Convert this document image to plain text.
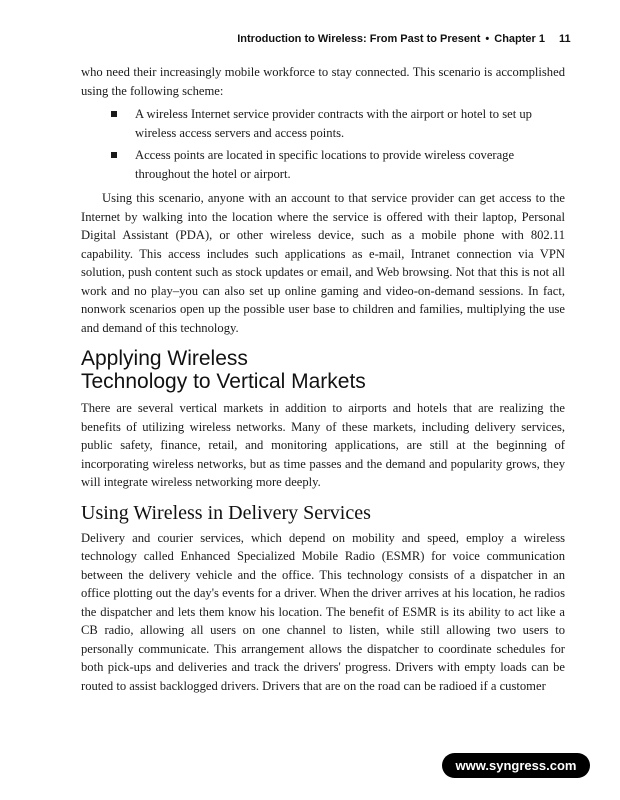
Introduction to Wireless: From Past to Present • Chapter 1 11

who need their increasingly mobile workforce to stay connected. This scenario is accomplished using the following scheme:

A wireless Internet service provider contracts with the airport or hotel to set up wireless access servers and access points.
Access points are located in specific locations to provide wireless coverage throughout the hotel or airport.

Using this scenario, anyone with an account to that service provider can get access to the Internet by walking into the location where the service is offered with their laptop, Personal Digital Assistant (PDA), or other wireless device, such as a mobile phone with 802.11 capability. This access includes such applications as e-mail, Intranet connection via VPN solution, push content such as stock updates or email, and Web browsing. Not that this is not all work and no play–you can also set up online gaming and video-on-demand sessions. In fact, nonwork scenarios open up the possible user base to children and families, multiplying the use and demand of this technology.

Applying Wireless
Technology to Vertical Markets

There are several vertical markets in addition to airports and hotels that are realizing the benefits of utilizing wireless networks. Many of these markets, including delivery services, public safety, finance, retail, and monitoring applications, are still at the beginning of incorporating wireless networks, but as time passes and the demand and popularity grows, they will integrate wireless networking more deeply.

Using Wireless in Delivery Services

Delivery and courier services, which depend on mobility and speed, employ a wireless technology called Enhanced Specialized Mobile Radio (ESMR) for voice communication between the delivery vehicle and the office. This technology consists of a dispatcher in an office plotting out the day's events for a driver. When the driver arrives at his location, he radios the dispatcher and lets them know his location. The benefit of ESMR is its ability to act like a CB radio, allowing all users on one channel to listen, while still allowing two users to personally communicate. This arrangement allows the dispatcher to coordinate schedules for both pick-ups and deliveries and track the drivers' progress. Drivers with empty loads can be routed to assist backlogged drivers. Drivers that are on the road can be radioed if a customer

www.syngress.com
